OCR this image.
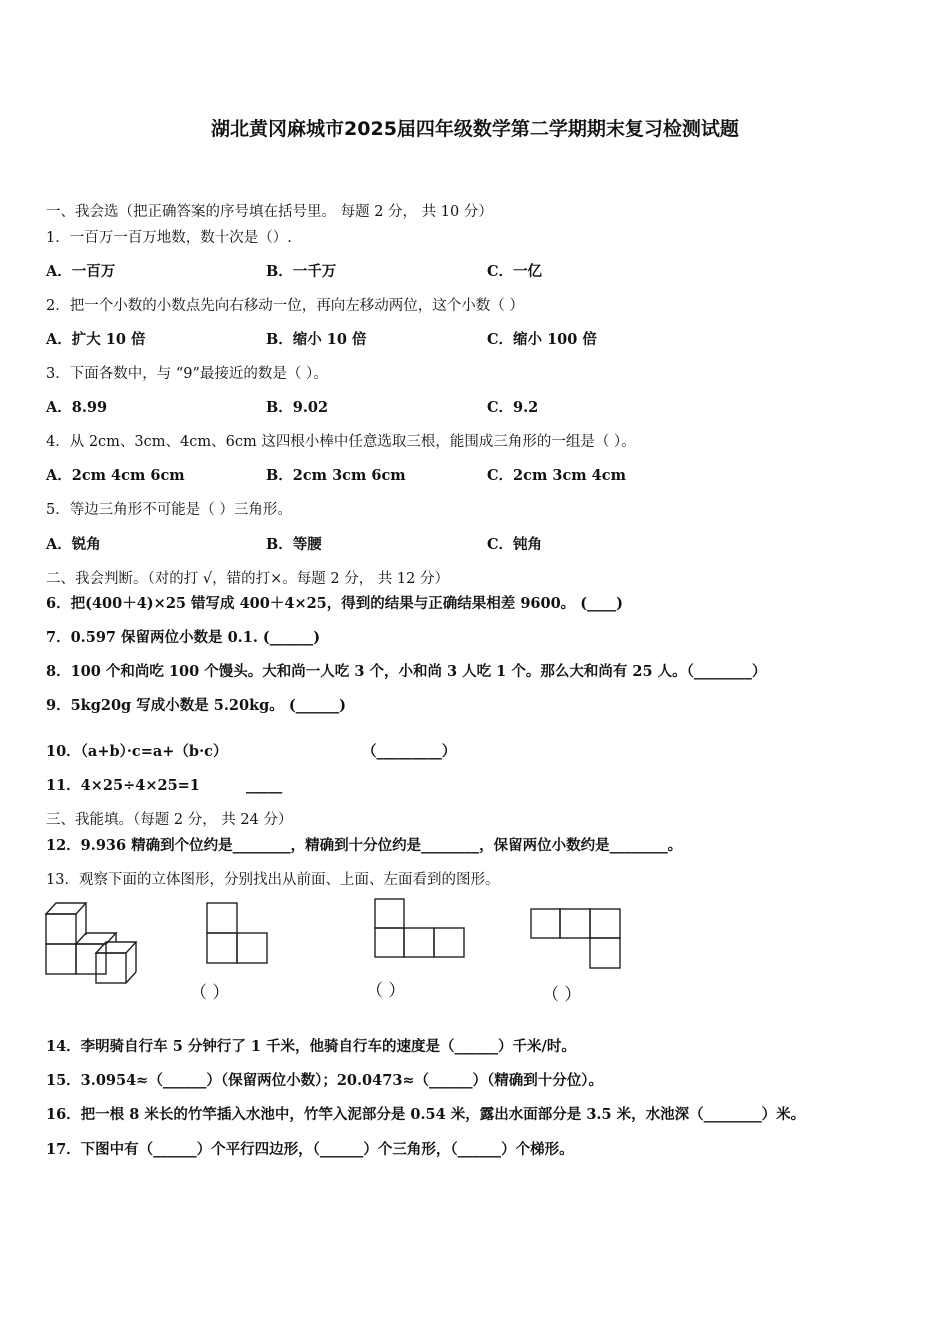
湖北黄冈麻城市2025届四年级数学第二学期期末复习检测试题
一、我会选（把正确答案的序号填在括号里。 每题 2 分， 共 10 分）
1．一百万一百万地数，数十次是（）.
A．一百万	B．一千万	C．一亿
2．把一个小数的小数点先向右移动一位，再向左移动两位，这个小数（ ）
A．扩大 10 倍	B．缩小 10 倍	C．缩小 100 倍
3．下面各数中，与 “9”最接近的数是（ ）。
A．8.99	B．9.02	C．9.2
4．从 2cm、3cm、4cm、6cm 这四根小棒中任意选取三根，能围成三角形的一组是（ ）。
A．2cm 4cm 6cm	B．2cm 3cm 6cm	C．2cm 3cm 4cm
5．等边三角形不可能是（ ）三角形。
A．锐角	B．等腰	C．钝角
二、我会判断。（对的打 √，错的打×。每题 2 分， 共 12 分）
6．把(400＋4)×25 错写成 400＋4×25，得到的结果与正确结果相差 9600。 (____)
7．0.597 保留两位小数是 0.1. (______)
8．100 个和尚吃 100 个馒头。大和尚一人吃 3 个，小和尚 3 人吃 1 个。那么大和尚有 25 人。（________）
9．5kg20g 写成小数是 5.20kg。 (______)
10．（a+b）·c=a+（b·c）	（_________）
11．4×25÷4×25=1	_____
三、我能填。（每题 2 分， 共 24 分）
12．9.936 精确到个位约是________，精确到十分位约是________，保留两位小数约是________。
13．观察下面的立体图形，分别找出从前面、上面、左面看到的图形。
（ ）	（ ）	（ ）
14．李明骑自行车 5 分钟行了 1 千米，他骑自行车的速度是（______）千米/时。
15．3.0954≈（______）（保留两位小数）；20.0473≈（______）（精确到十分位）。
16．把一根 8 米长的竹竿插入水池中，竹竿入泥部分是 0.54 米，露出水面部分是 3.5 米，水池深（________）米。
17．下图中有（______）个平行四边形，（______）个三角形，（______）个梯形。
